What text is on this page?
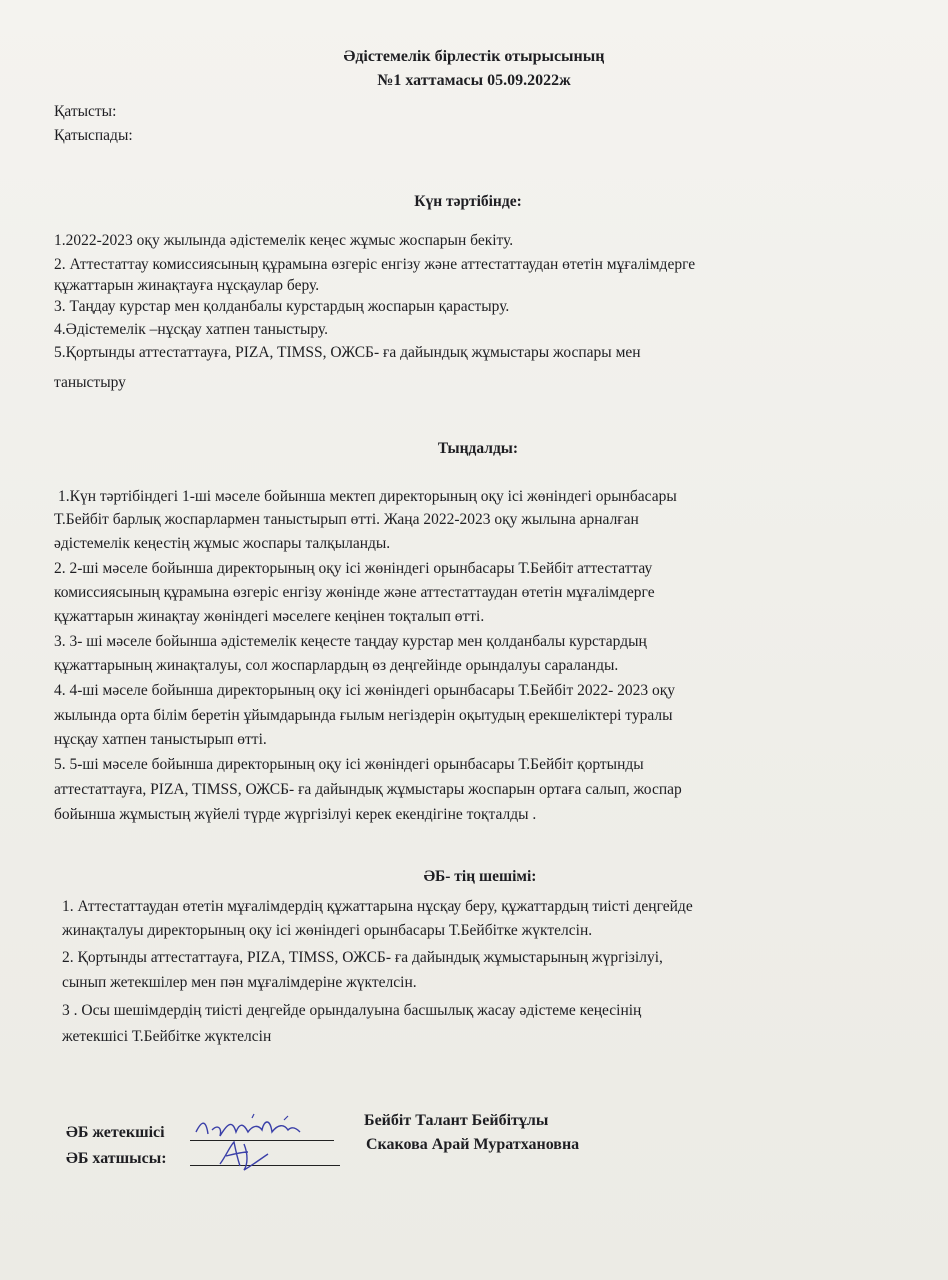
Әдістемелік бірлестік отырысының
№1 хаттамасы 05.09.2022ж
Қатысты:
Қатыспады:
Күн тәртібінде:
1.2022-2023 оқу жылында әдістемелік кеңес жұмыс жоспарын бекіту.
2. Аттестаттау комиссиясының құрамына өзгеріс енгізу және аттестаттаудан өтетін мұғалімдерге
құжаттарын жинақтауға нұсқаулар беру.
3. Таңдау курстар мен қолданбалы курстардың жоспарын қарастыру.
4.Әдістемелік –нұсқау хатпен таныстыру.
5.Қортынды аттестаттауға, PIZA, TIMSS, ОЖСБ- ға дайындық жұмыстары жоспары мен
таныстыру
Тыңдалды:
1.Күн тәртібіндегі 1-ші мәселе бойынша мектеп директорының оқу ісі жөніндегі орынбасары
Т.Бейбіт барлық жоспарлармен таныстырып өтті. Жаңа 2022-2023 оқу жылына арналған
әдістемелік кеңестің жұмыс жоспары талқыланды.
2. 2-ші мәселе бойынша директорының оқу ісі жөніндегі орынбасары Т.Бейбіт аттестаттау
комиссиясының құрамына өзгеріс енгізу жөнінде және аттестаттаудан өтетін мұғалімдерге
құжаттарын жинақтау жөніндегі мәселеге кеңінен тоқталып өтті.
3. 3- ші мәселе бойынша әдістемелік кеңесте таңдау курстар мен қолданбалы курстардың
құжаттарының жинақталуы, сол жоспарлардың өз деңгейінде орындалуы сараланды.
4. 4-ші мәселе бойынша директорының оқу ісі жөніндегі орынбасары Т.Бейбіт 2022- 2023 оқу
жылында орта білім беретін ұйымдарында ғылым негіздерін оқытудың ерекшеліктері туралы
нұсқау хатпен таныстырып өтті.
5. 5-ші мәселе бойынша директорының оқу ісі жөніндегі орынбасары Т.Бейбіт қортынды
аттестаттауға, PIZA, TIMSS, ОЖСБ- ға дайындық жұмыстары жоспарын ортаға салып, жоспар
бойынша жұмыстың жүйелі түрде жүргізілуі керек екендігіне тоқталды .
ӘБ- тің шешімі:
1. Аттестаттаудан өтетін мұғалімдердің құжаттарына нұсқау беру, құжаттардың тиісті деңгейде
жинақталуы директорының оқу ісі жөніндегі орынбасары Т.Бейбітке жүктелсін.
2. Қортынды аттестаттауға, PIZA, TIMSS, ОЖСБ- ға дайындық жұмыстарының жүргізілуі,
сынып жетекшілер мен пән мұғалімдеріне жүктелсін.
3 . Осы шешімдердің тиісті деңгейде орындалуына басшылық жасау әдістеме кеңесінің
жетекшісі Т.Бейбітке жүктелсін
ӘБ жетекшісі
Бейбіт Талант Бейбітұлы
ӘБ хатшысы:
Скакова Арай Муратхановна
